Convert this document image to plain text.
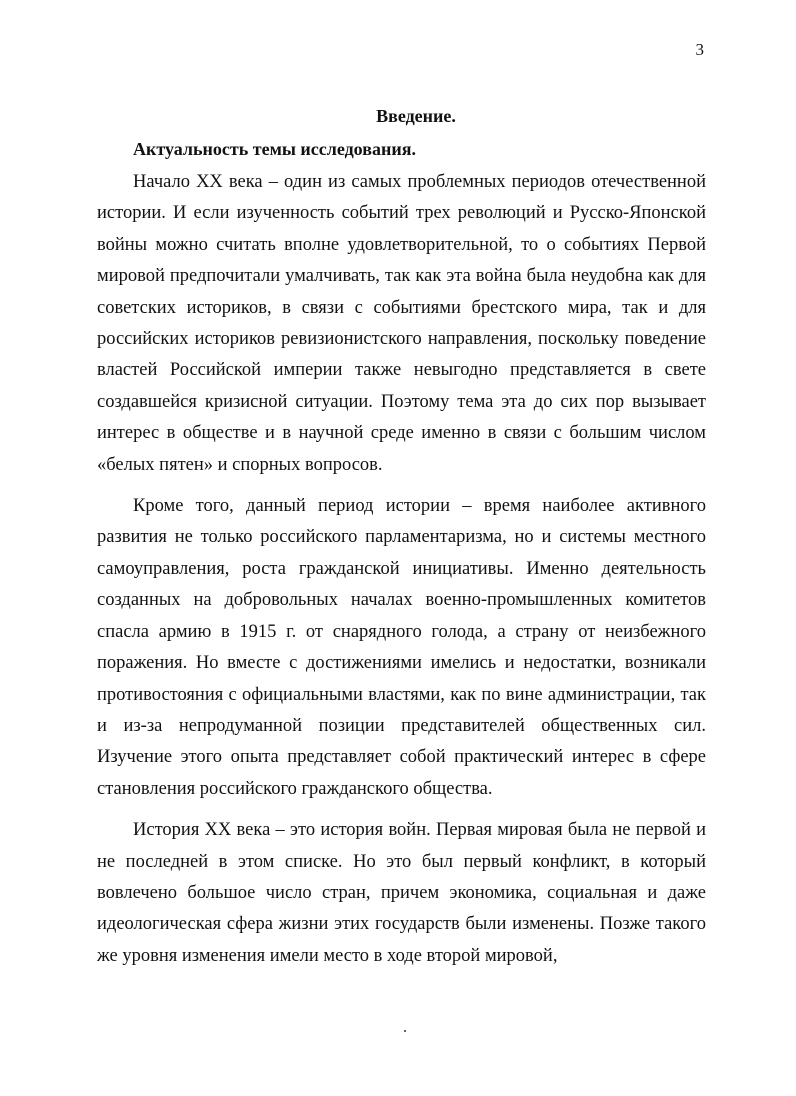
3
Введение.
Актуальность темы исследования.

Начало XX века – один из самых проблемных периодов отечественной истории. И если изученность событий трех революций и Русско-Японской войны можно считать вполне удовлетворительной, то о событиях Первой мировой предпочитали умалчивать, так как эта война была неудобна как для советских историков, в связи с событиями брестского мира, так и для российских историков ревизионистского направления, поскольку поведение властей Российской империи также невыгодно представляется в свете создавшейся кризисной ситуации. Поэтому тема эта до сих пор вызывает интерес в обществе и в научной среде именно в связи с большим числом «белых пятен» и спорных вопросов.

Кроме того, данный период истории – время наиболее активного развития не только российского парламентаризма, но и системы местного самоуправления, роста гражданской инициативы. Именно деятельность созданных на добровольных началах военно-промышленных комитетов спасла армию в 1915 г. от снарядного голода, а страну от неизбежного поражения. Но вместе с достижениями имелись и недостатки, возникали противостояния с официальными властями, как по вине администрации, так и из-за непродуманной позиции представителей общественных сил. Изучение этого опыта представляет собой практический интерес в сфере становления российского гражданского общества.

История XX века – это история войн. Первая мировая была не первой и не последней в этом списке. Но это был первый конфликт, в который вовлечено большое число стран, причем экономика, социальная и даже идеологическая сфера жизни этих государств были изменены. Позже такого же уровня изменения имели место в ходе второй мировой,
